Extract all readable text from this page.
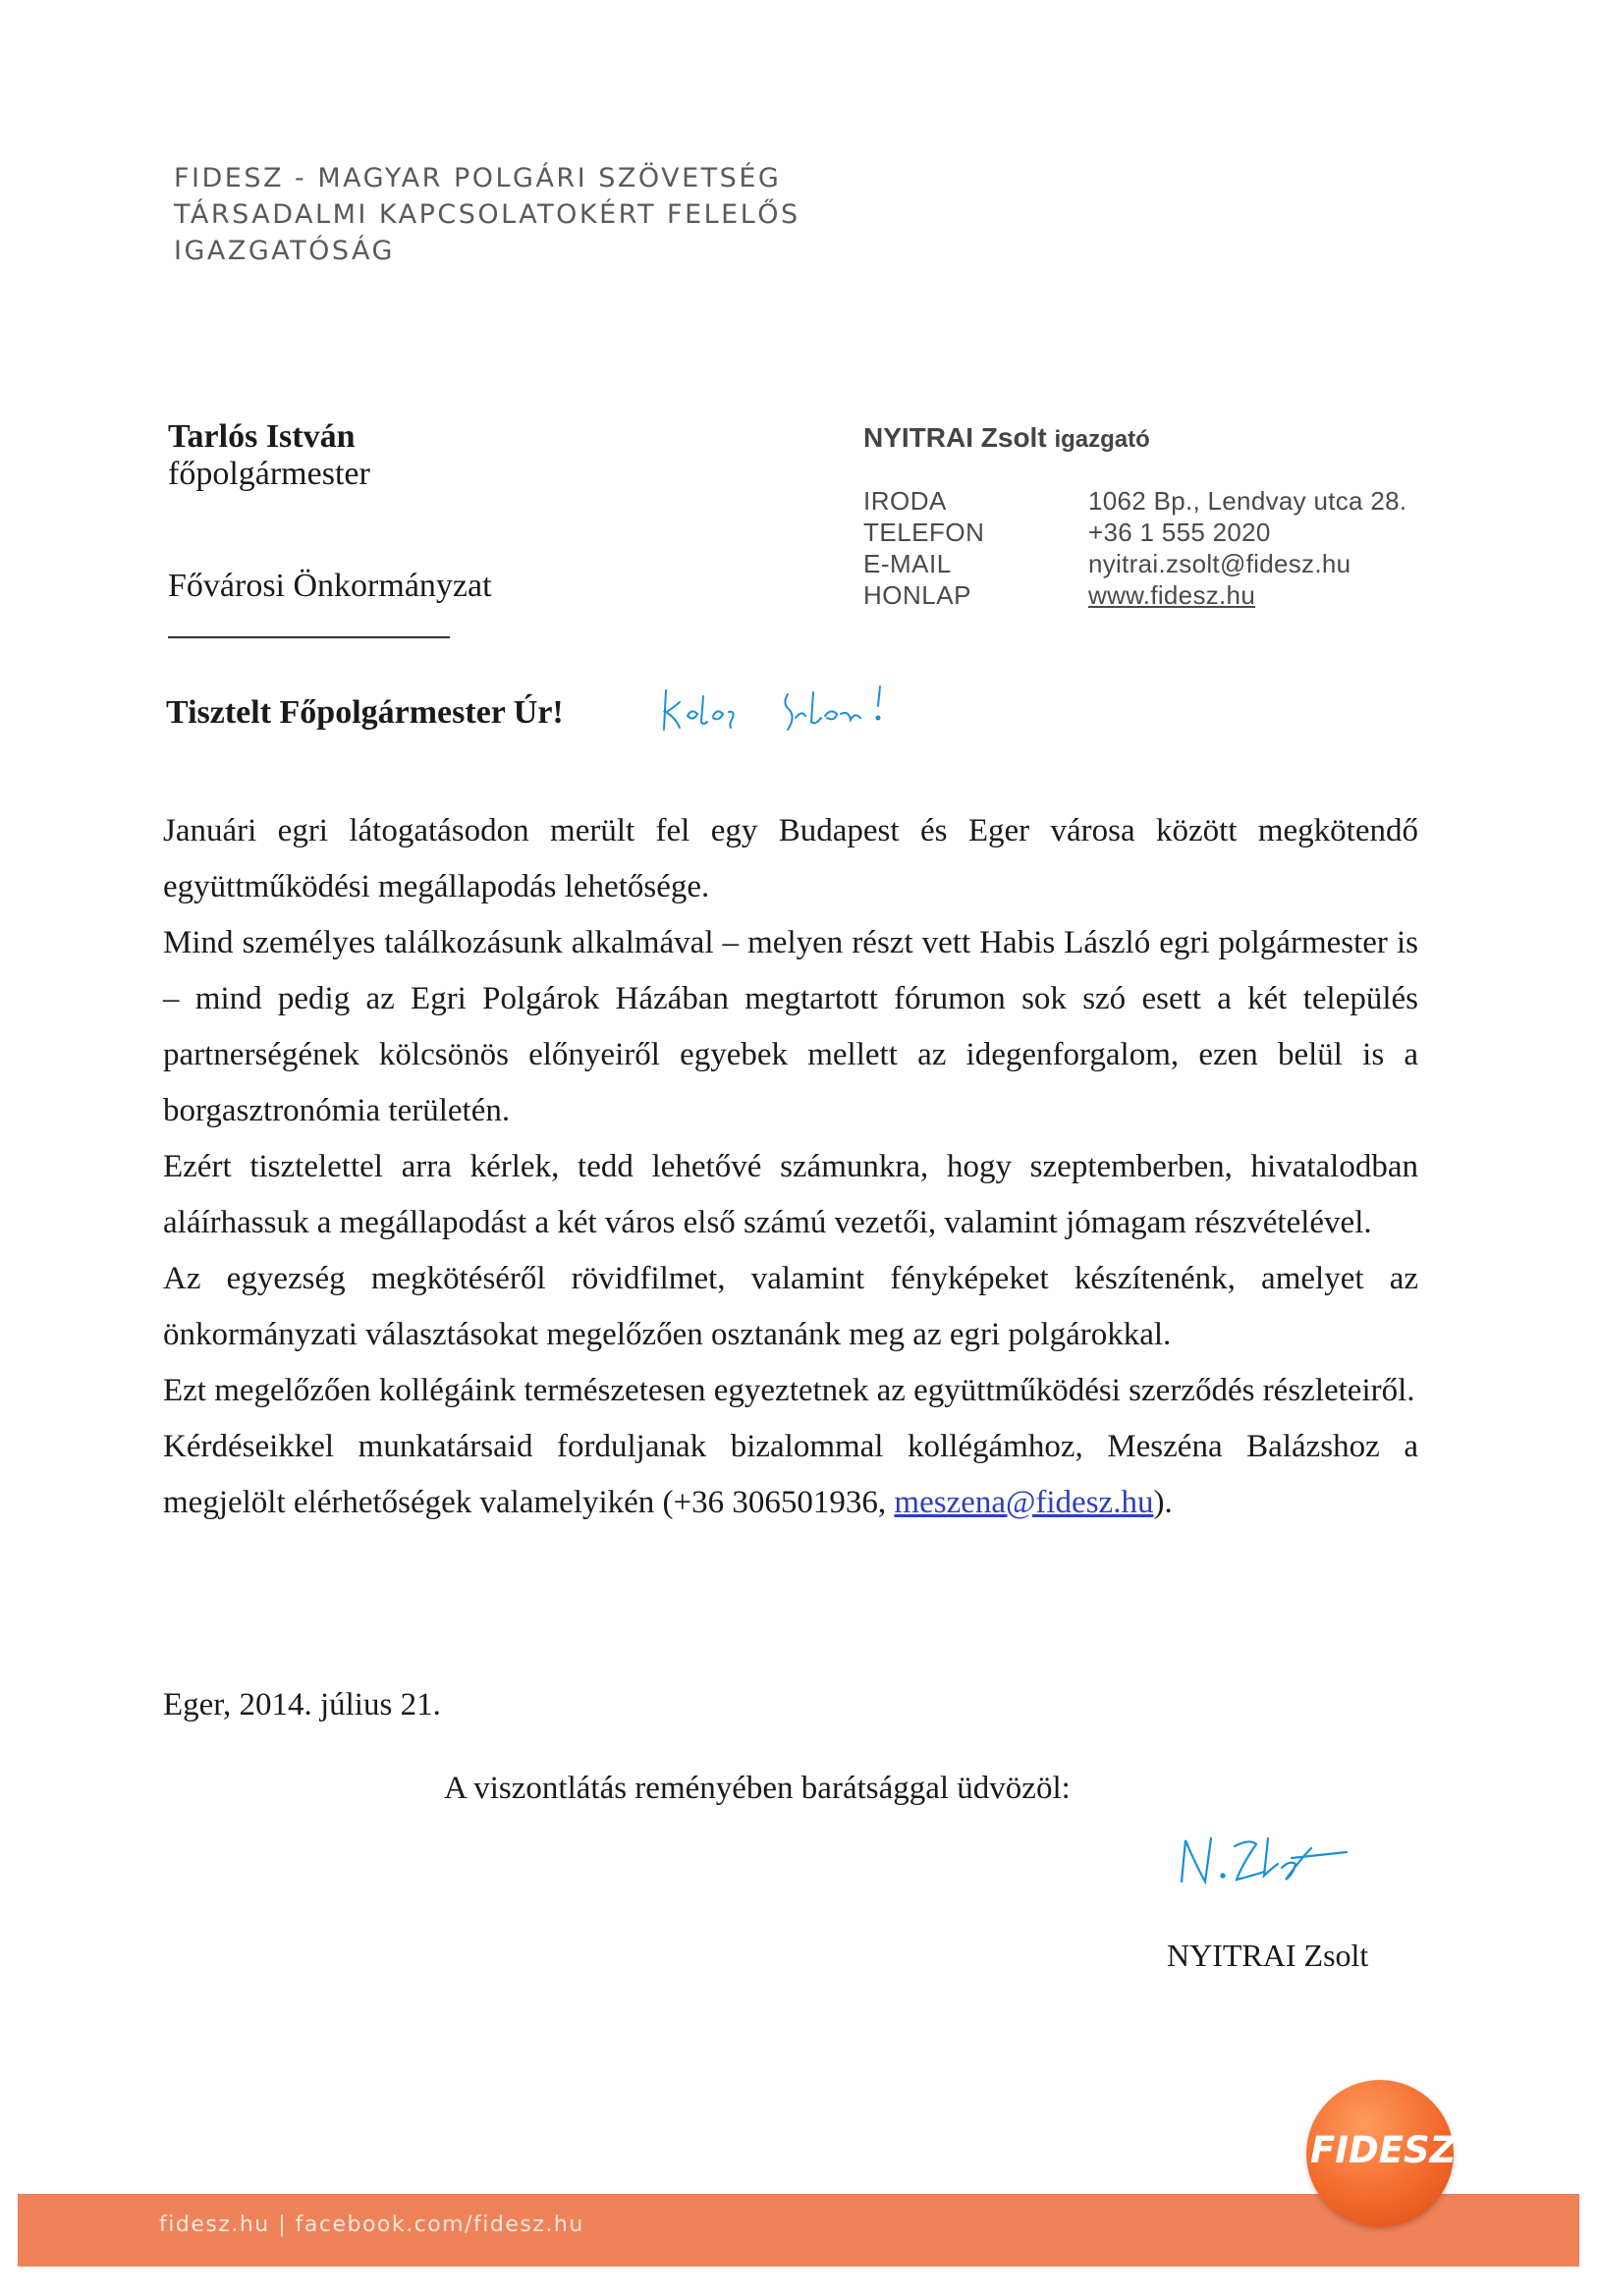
FIDESZ - MAGYAR POLGÁRI SZÖVETSÉG
TÁRSADALMI KAPCSOLATOKÉRT FELELŐS
IGAZGATÓSÁG
Tarlós István
főpolgármester
Fővárosi Önkormányzat
NYITRAI Zsolt igazgató
IRODA	1062 Bp., Lendvay utca 28.
TELEFON	+36 1 555 2020
E-MAIL	nyitrai.zsolt@fidesz.hu
HONLAP	www.fidesz.hu
Tisztelt Főpolgármester Úr!

Januári egri látogatásodon merült fel egy Budapest és Eger városa között megkötendő együttműködési megállapodás lehetősége.

Mind személyes találkozásunk alkalmával – melyen részt vett Habis László egri polgármester is – mind pedig az Egri Polgárok Házában megtartott fórumon sok szó esett a két település partnerségének kölcsönös előnyeiről egyebek mellett az idegenforgalom, ezen belül is a borgasztronómia területén.

Ezért tisztelettel arra kérlek, tedd lehetővé számunkra, hogy szeptemberben, hivatalodban aláírhassuk a megállapodást a két város első számú vezetői, valamint jómagam részvételével.

Az egyezség megkötéséről rövidfilmet, valamint fényképeket készítenénk, amelyet az önkormányzati választásokat megelőzően osztanánk meg az egri polgárokkal.

Ezt megelőzően kollégáink természetesen egyeztetnek az együttműködési szerződés részleteiről.

Kérdéseikkel munkatársaid forduljanak bizalommal kollégámhoz, Meszéna Balázshoz a megjelölt elérhetőségek valamelyikén (+36 306501936, meszena@fidesz.hu).

Eger, 2014. július 21.
A viszontlátás reményében barátsággal üdvözöl:
NYITRAI Zsolt
fidesz.hu | facebook.com/fidesz.hu
FIDESZ
